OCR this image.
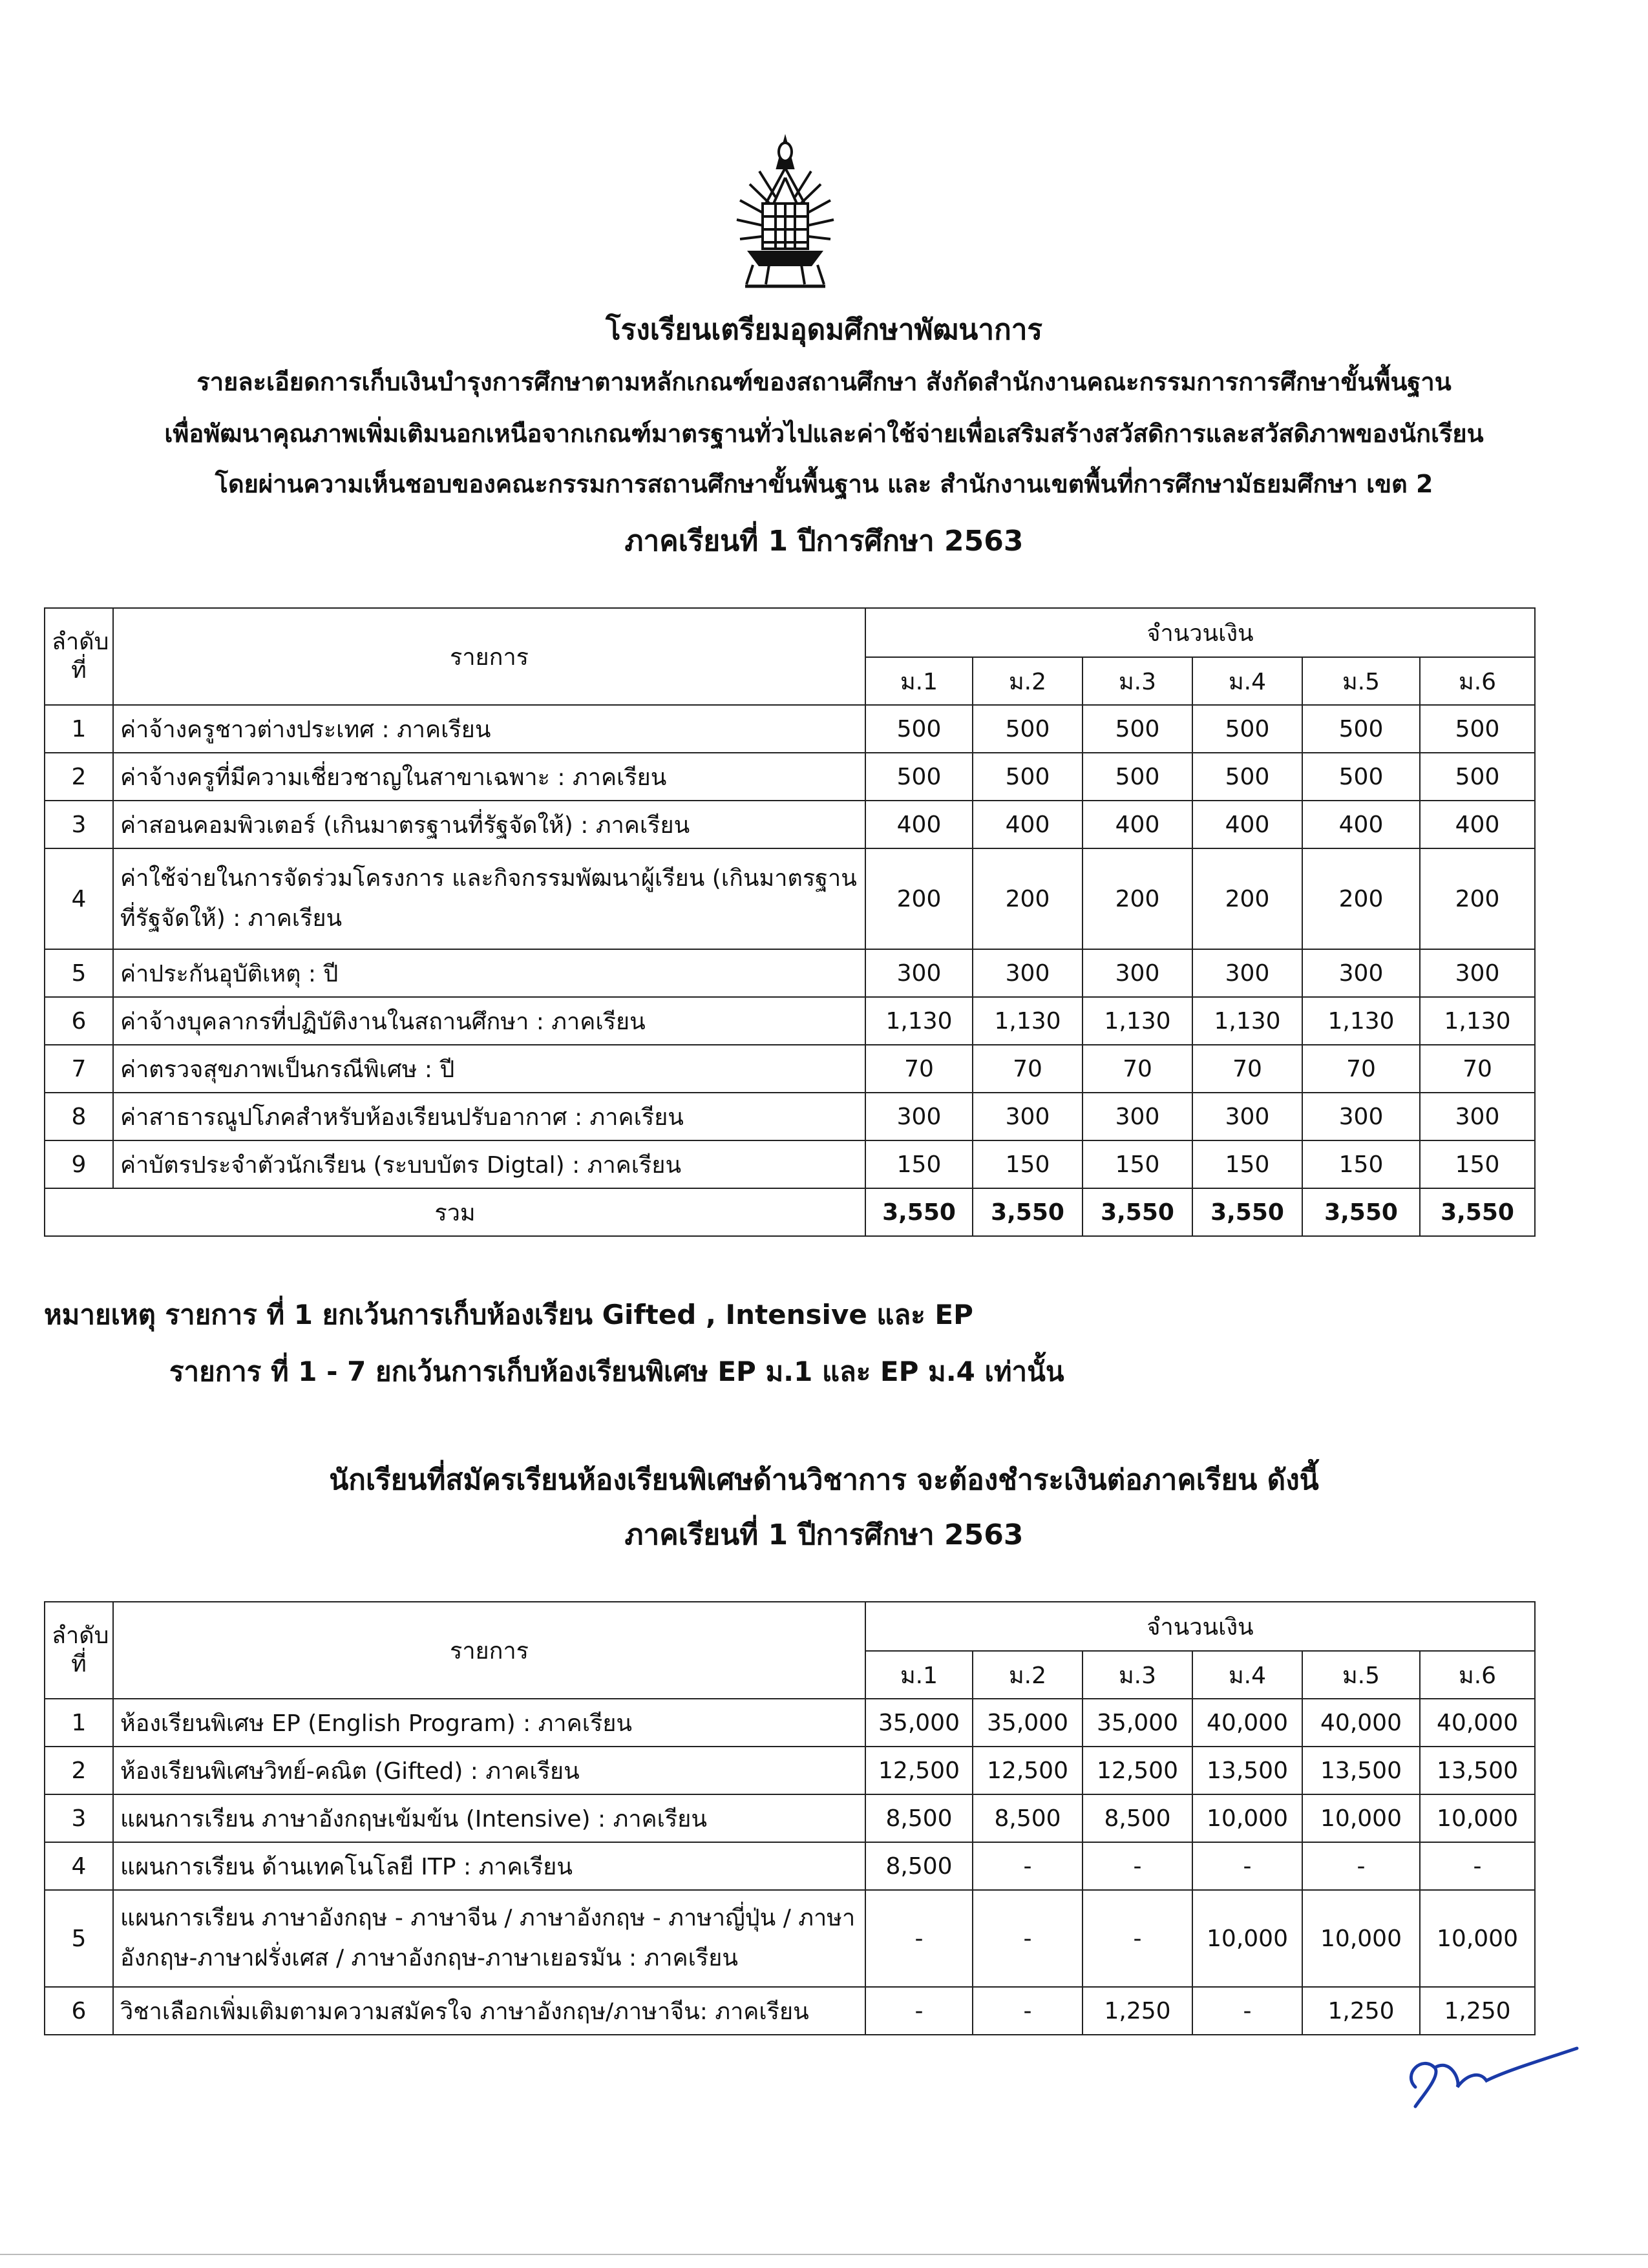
โรงเรียนเตรียมอุดมศึกษาพัฒนาการ
รายละเอียดการเก็บเงินบำรุงการศึกษาตามหลักเกณฑ์ของสถานศึกษา สังกัดสำนักงานคณะกรรมการการศึกษาขั้นพื้นฐาน
เพื่อพัฒนาคุณภาพเพิ่มเติมนอกเหนือจากเกณฑ์มาตรฐานทั่วไปและค่าใช้จ่ายเพื่อเสริมสร้างสวัสดิการและสวัสดิภาพของนักเรียน
โดยผ่านความเห็นชอบของคณะกรรมการสถานศึกษาขั้นพื้นฐาน และ สำนักงานเขตพื้นที่การศึกษามัธยมศึกษา เขต 2
ภาคเรียนที่ 1 ปีการศึกษา 2563
ลำดับ ที่	รายการ	จำนวนเงิน					
		ม.1	ม.2	ม.3	ม.4	ม.5	ม.6
1	ค่าจ้างครูชาวต่างประเทศ : ภาคเรียน	500	500	500	500	500	500
2	ค่าจ้างครูที่มีความเชี่ยวชาญในสาขาเฉพาะ : ภาคเรียน	500	500	500	500	500	500
3	ค่าสอนคอมพิวเตอร์ (เกินมาตรฐานที่รัฐจัดให้) : ภาคเรียน	400	400	400	400	400	400
4	ค่าใช้จ่ายในการจัดร่วมโครงการ และกิจกรรมพัฒนาผู้เรียน (เกินมาตรฐานที่รัฐจัดให้) : ภาคเรียน	200	200	200	200	200	200
5	ค่าประกันอุบัติเหตุ : ปี	300	300	300	300	300	300
6	ค่าจ้างบุคลากรที่ปฏิบัติงานในสถานศึกษา : ภาคเรียน	1,130	1,130	1,130	1,130	1,130	1,130
7	ค่าตรวจสุขภาพเป็นกรณีพิเศษ : ปี	70	70	70	70	70	70
8	ค่าสาธารณูปโภคสำหรับห้องเรียนปรับอากาศ : ภาคเรียน	300	300	300	300	300	300
9	ค่าบัตรประจำตัวนักเรียน (ระบบบัตร Digtal) : ภาคเรียน	150	150	150	150	150	150
รวม		3,550	3,550	3,550	3,550	3,550	3,550
หมายเหตุ รายการ ที่ 1 ยกเว้นการเก็บห้องเรียน Gifted , Intensive และ EP
รายการ ที่ 1 - 7 ยกเว้นการเก็บห้องเรียนพิเศษ EP ม.1 และ EP ม.4 เท่านั้น
นักเรียนที่สมัครเรียนห้องเรียนพิเศษด้านวิชาการ จะต้องชำระเงินต่อภาคเรียน ดังนี้
ภาคเรียนที่ 1 ปีการศึกษา 2563
ลำดับ ที่	รายการ	จำนวนเงิน					
		ม.1	ม.2	ม.3	ม.4	ม.5	ม.6
1	ห้องเรียนพิเศษ EP (English Program) : ภาคเรียน	35,000	35,000	35,000	40,000	40,000	40,000
2	ห้องเรียนพิเศษวิทย์-คณิต (Gifted) : ภาคเรียน	12,500	12,500	12,500	13,500	13,500	13,500
3	แผนการเรียน ภาษาอังกฤษเข้มข้น (Intensive) : ภาคเรียน	8,500	8,500	8,500	10,000	10,000	10,000
4	แผนการเรียน ด้านเทคโนโลยี ITP : ภาคเรียน	8,500	-	-	-	-	-
5	แผนการเรียน ภาษาอังกฤษ - ภาษาจีน / ภาษาอังกฤษ - ภาษาญี่ปุ่น / ภาษาอังกฤษ-ภาษาฝรั่งเศส / ภาษาอังกฤษ-ภาษาเยอรมัน : ภาคเรียน	-	-	-	10,000	10,000	10,000
6	วิชาเลือกเพิ่มเติมตามความสมัครใจ ภาษาอังกฤษ/ภาษาจีน: ภาคเรียน	-	-	1,250	-	1,250	1,250
